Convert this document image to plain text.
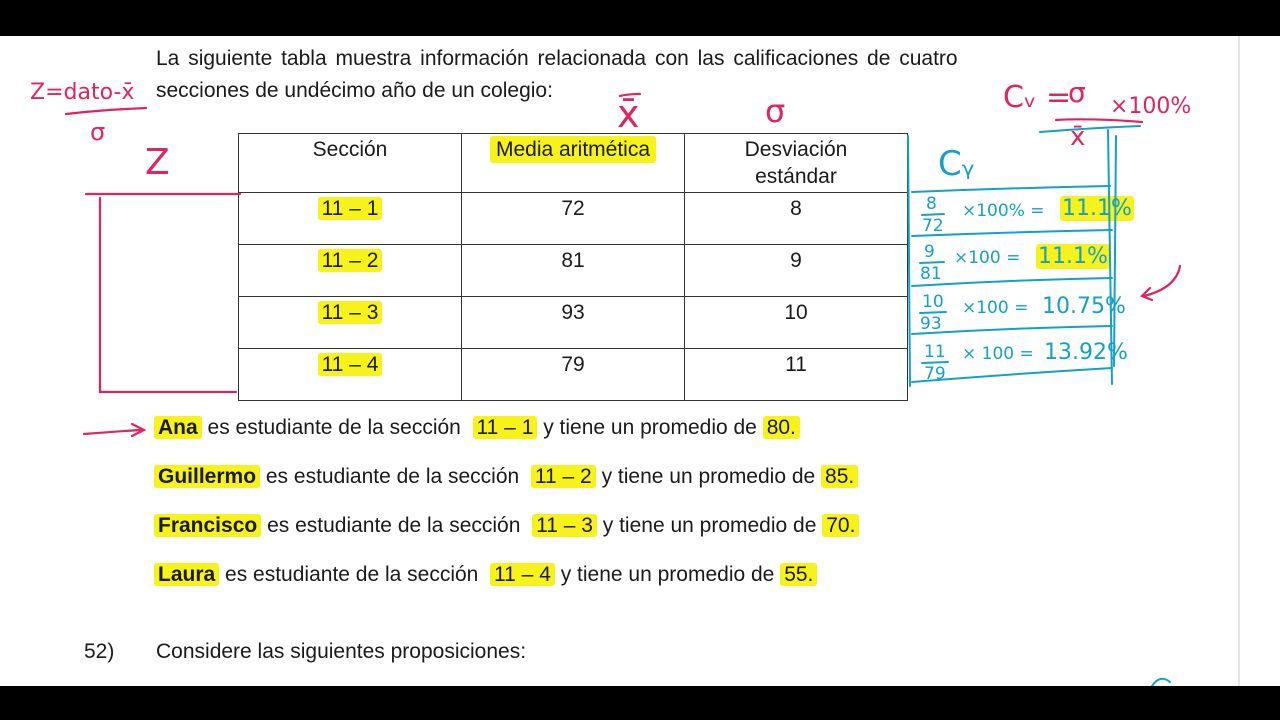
La siguiente tabla muestra información relacionada con las calificaciones de cuatro
secciones de undécimo año de un colegio:
Sección	Media aritmética	Desviación
estándar
11 – 1	72	8
11 – 2	81	9
11 – 3	93	10
11 – 4	79	11
Ana es estudiante de la sección 11 – 1 y tiene un promedio de 80.
Guillermo es estudiante de la sección 11 – 2 y tiene un promedio de 85.
Francisco es estudiante de la sección 11 – 3 y tiene un promedio de 70.
Laura es estudiante de la sección 11 – 4 y tiene un promedio de 55.
52) Considere las siguientes proposiciones:
Z=dato-x̄
σ
Z
x̄	σ	Cᵥ =
σ
x̄
×100%
Cᵧ
8
72
×100% = 11.1%
9
81
×100 = 11.1%
10
93
×100 = 10.75%
11
79
× 100 = 13.92%
